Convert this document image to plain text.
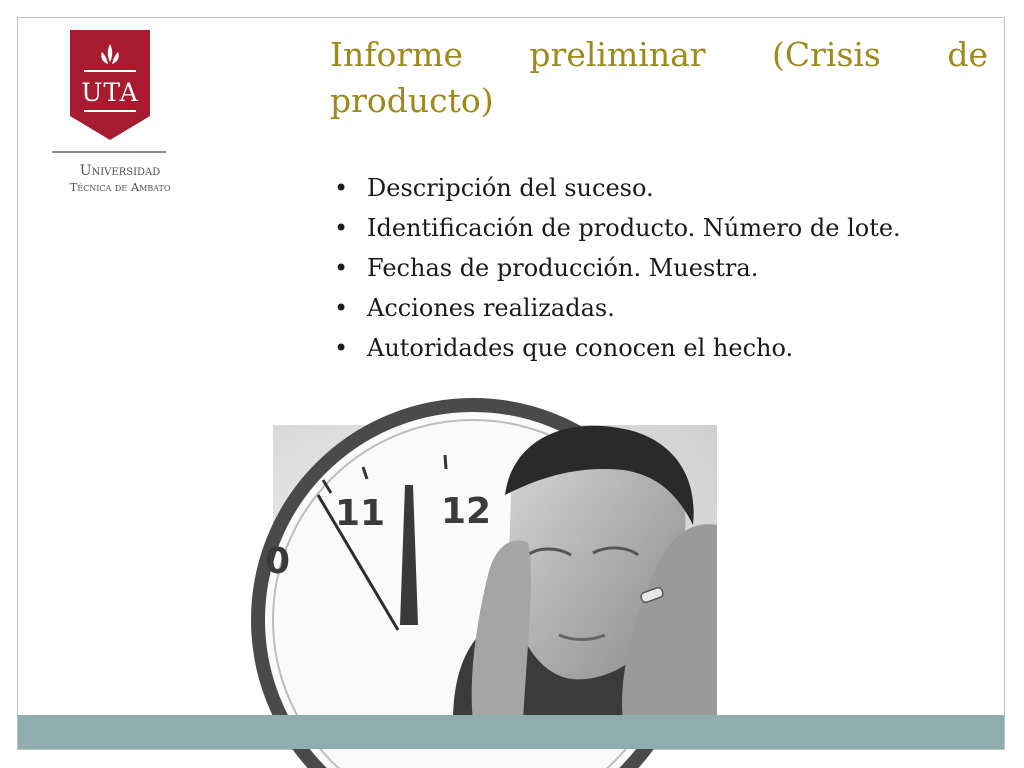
UTA
Universidad
Técnica de Ambato
Informe preliminar (Crisis de producto)
• Descripción del suceso.
• Identificación de producto. Número de lote.
• Fechas de producción. Muestra.
• Acciones realizadas.
• Autoridades que conocen el hecho.
11 12
0
